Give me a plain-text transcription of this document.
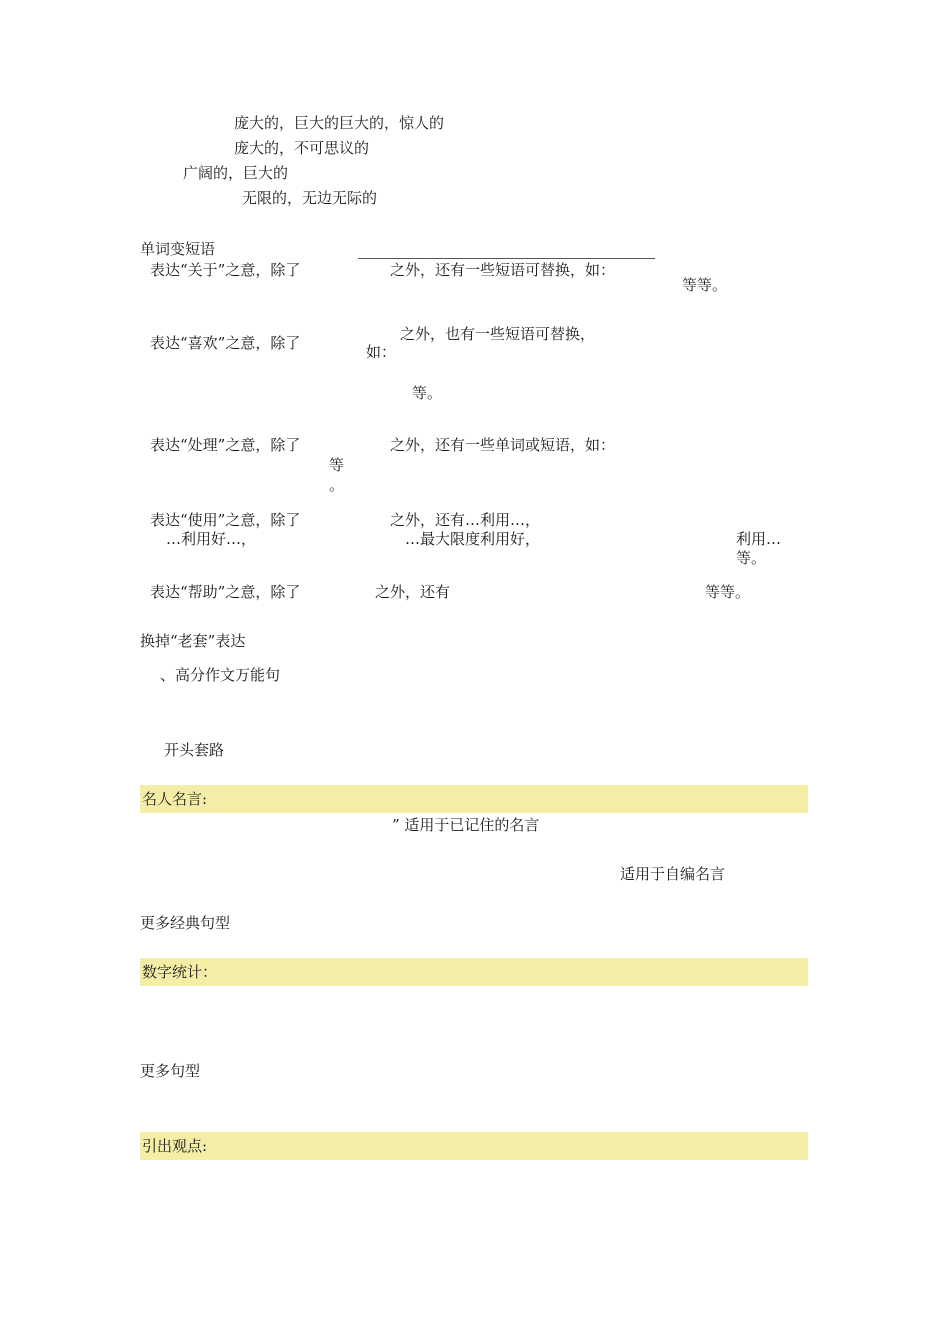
庞大的，巨大的巨大的，惊人的
庞大的，不可思议的
广阔的，巨大的
无限的，无边无际的
单词变短语
表达“关于”之意，除了	之外，还有一些短语可替换，如：
等等。
表达“喜欢”之意，除了	之外，也有一些短语可替换，
如：
等。
表达“处理”之意，除了	之外，还有一些单词或短语，如：
等
。
表达“使用”之意，除了	之外，还有…利用…，
…利用好…，	…最大限度利用好，	利用…
等。
表达“帮助”之意，除了	之外，还有	等等。
换掉“老套”表达
、高分作文万能句
开头套路
名人名言:
” 适用于已记住的名言
适用于自编名言
更多经典句型
数字统计：
更多句型
引出观点:
